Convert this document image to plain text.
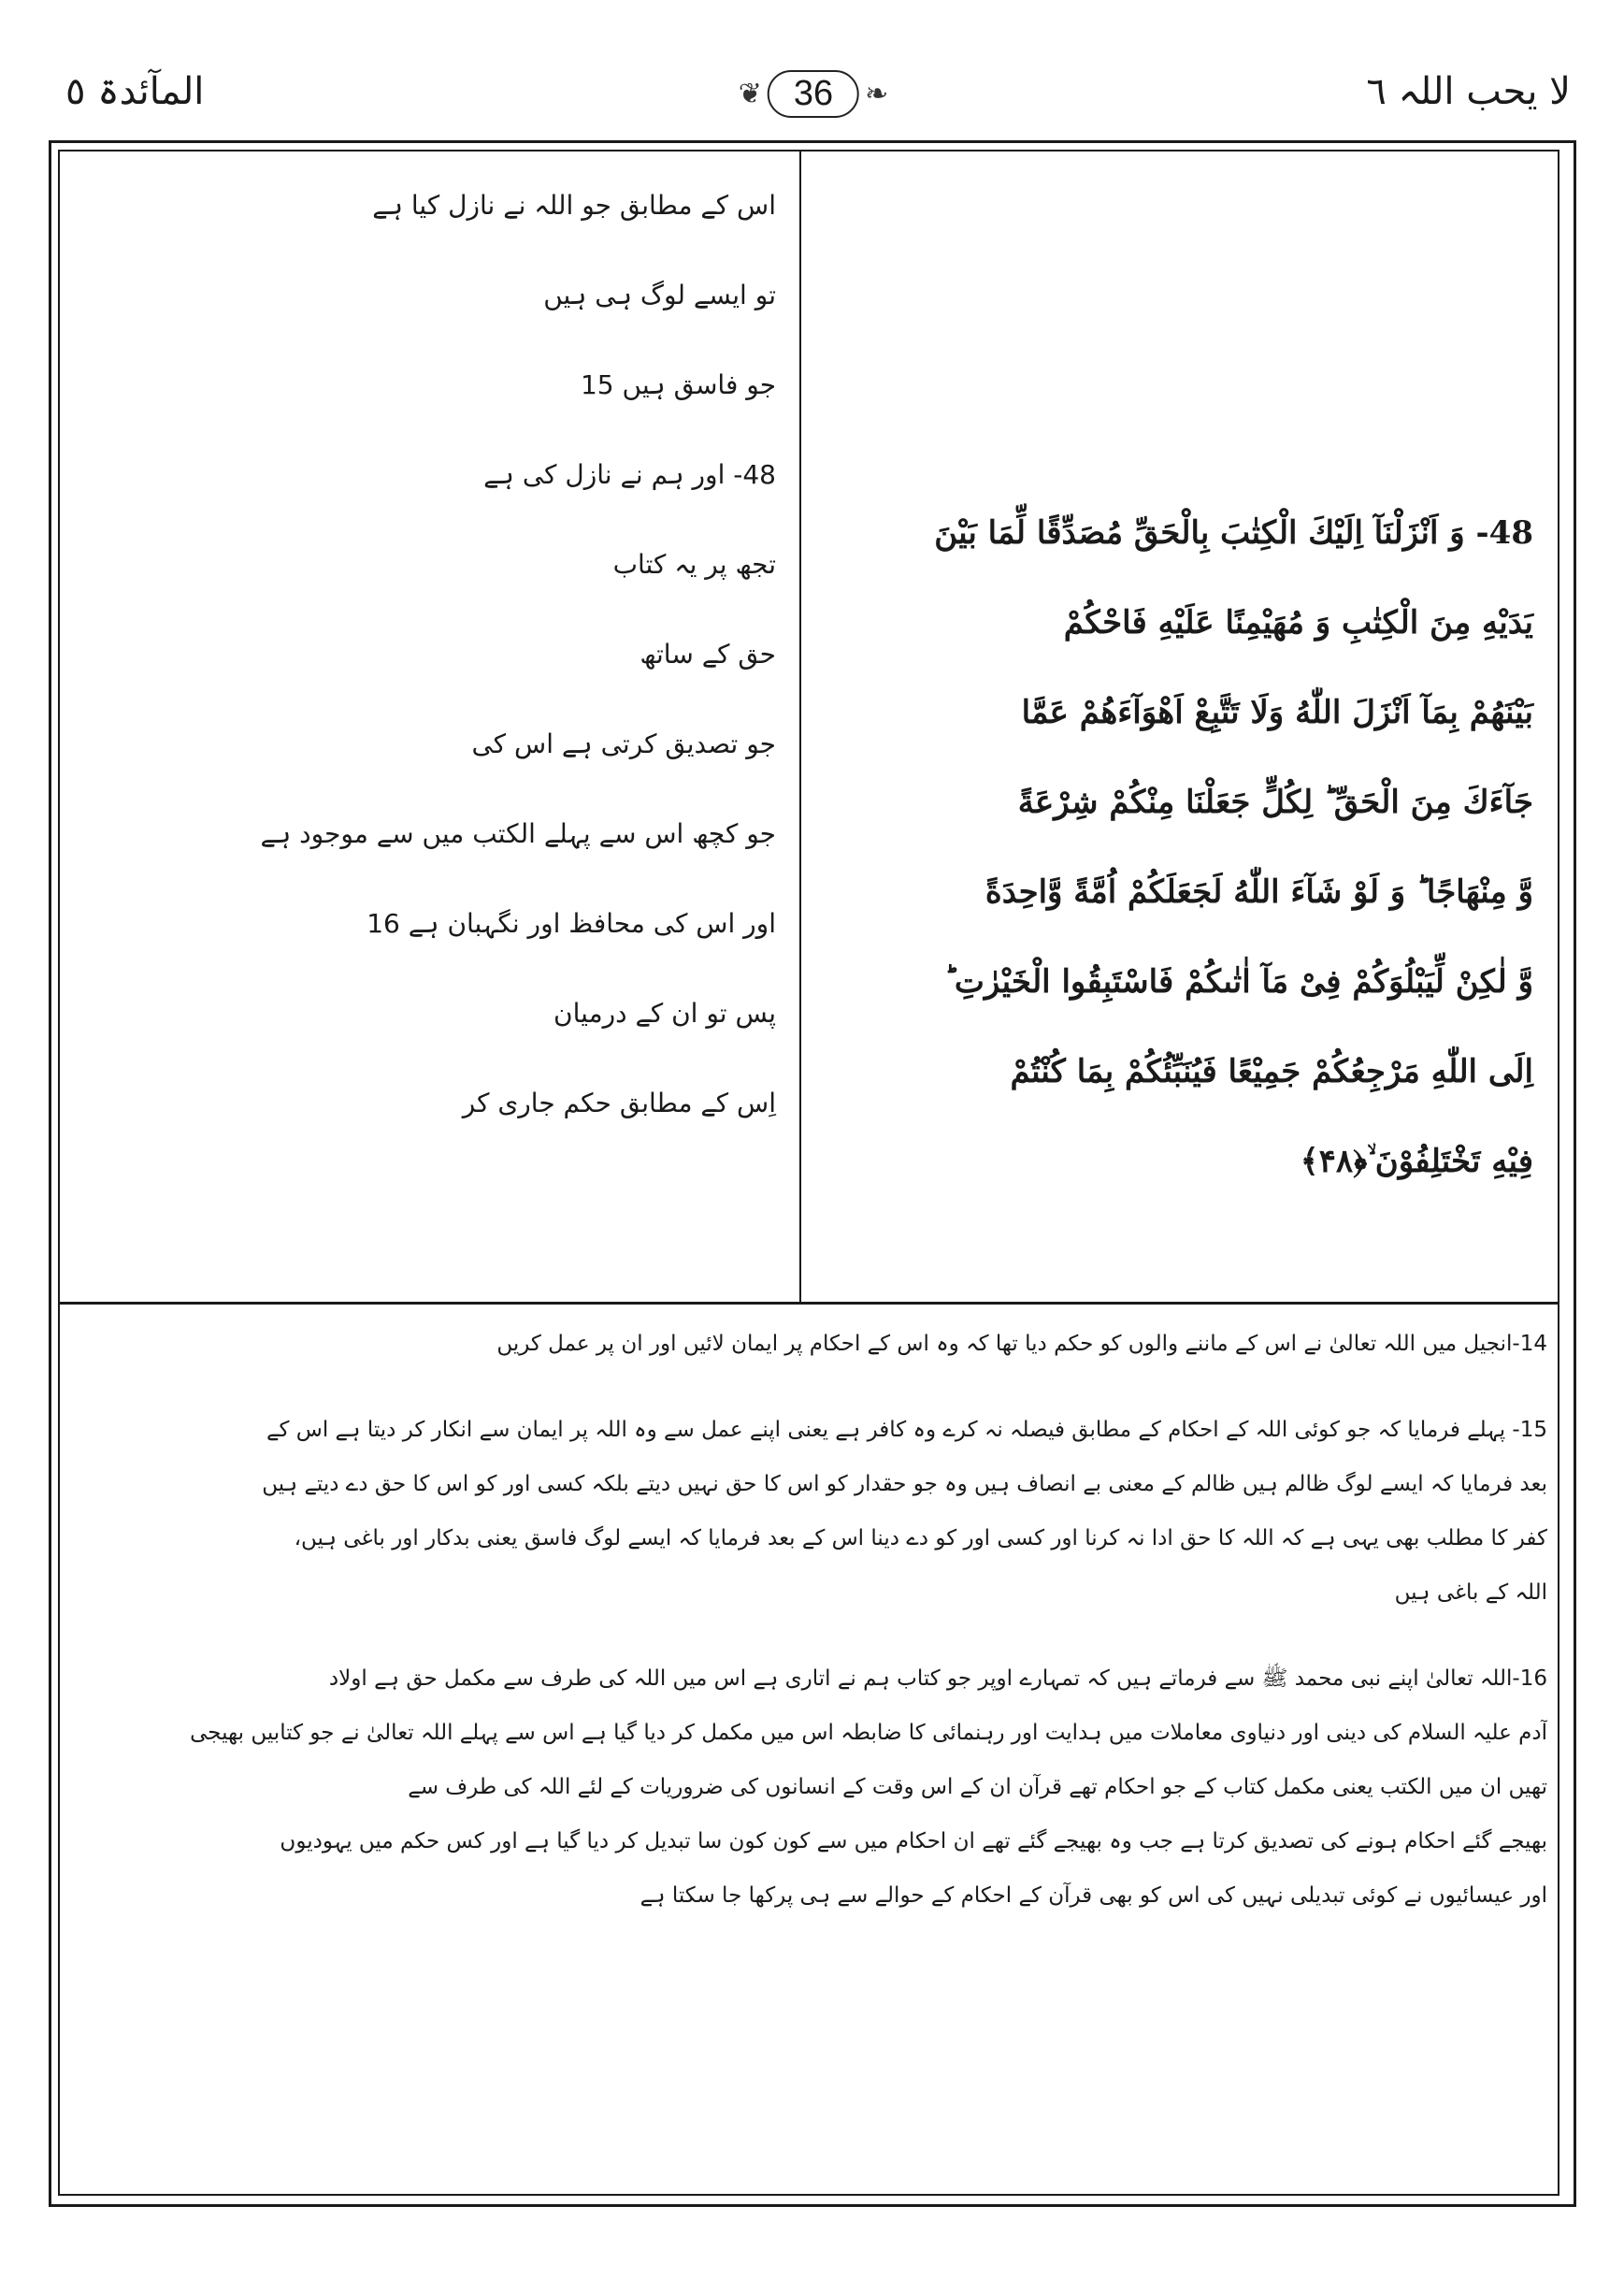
لا یحب اللہ ٦
❦ 36	❧
المآئدۃ ٥
اس کے مطابق جو اللہ نے نازل کیا ہے
تو ایسے لوگ ہی ہیں
جو فاسق ہیں 15
48- اور ہم نے نازل کی ہے
تجھ پر یہ کتاب
حق کے ساتھ
جو تصدیق کرتی ہے اس کی
جو کچھ اس سے پہلے الکتب میں سے موجود ہے
اور اس کی محافظ اور نگہبان ہے 16
پس تو ان کے درمیان
اِس کے مطابق حکم جاری کر
48- وَ اَنْزَلْنَآ اِلَیْكَ الْكِتٰبَ بِالْحَقِّ مُصَدِّقًا لِّمَا بَیْنَ
یَدَیْهِ مِنَ الْكِتٰبِ وَ مُهَیْمِنًا عَلَیْهِ فَاحْكُمْ
بَیْنَهُمْ بِمَآ اَنْزَلَ اللّٰهُ وَلَا تَتَّبِعْ اَهْوَآءَهُمْ عَمَّا
جَآءَكَ مِنَ الْحَقِّ ؕ لِكُلٍّ جَعَلْنَا مِنْكُمْ شِرْعَةً
وَّ مِنْهَاجًا ؕ وَ لَوْ شَآءَ اللّٰهُ لَجَعَلَكُمْ اُمَّةً وَّاحِدَةً
وَّ لٰكِنْ لِّیَبْلُوَكُمْ فِیْ مَآ اٰتٰىكُمْ فَاسْتَبِقُوا الْخَیْرٰتِ ؕ
اِلَى اللّٰهِ مَرْجِعُكُمْ جَمِیْعًا فَیُنَبِّئُكُمْ بِمَا كُنْتُمْ
فِیْهِ تَخْتَلِفُوْنَ ۙ﴿۴۸﴾
14-انجیل میں اللہ تعالیٰ نے اس کے ماننے والوں کو حکم دیا تھا کہ وہ اس کے احکام پر ایمان لائیں اور ان پر عمل کریں
15- پہلے فرمایا کہ جو کوئی اللہ کے احکام کے مطابق فیصلہ نہ کرے وہ کافر ہے یعنی اپنے عمل سے وہ اللہ پر ایمان سے انکار کر دیتا ہے اس کے
بعد فرمایا کہ ایسے لوگ ظالم ہیں ظالم کے معنی بے انصاف ہیں وہ جو حقدار کو اس کا حق نہیں دیتے بلکہ کسی اور کو اس کا حق دے دیتے ہیں
کفر کا مطلب بھی یہی ہے کہ اللہ کا حق ادا نہ کرنا اور کسی اور کو دے دینا اس کے بعد فرمایا کہ ایسے لوگ فاسق یعنی بدکار اور باغی ہیں،
اللہ کے باغی ہیں
16-اللہ تعالیٰ اپنے نبی محمد ﷺ سے فرماتے ہیں کہ تمہارے اوپر جو کتاب ہم نے اتاری ہے اس میں اللہ کی طرف سے مکمل حق ہے اولاد
آدم علیہ السلام کی دینی اور دنیاوی معاملات میں ہدایت اور رہنمائی کا ضابطہ اس میں مکمل کر دیا گیا ہے اس سے پہلے اللہ تعالیٰ نے جو کتابیں بھیجی
تھیں ان میں الکتب یعنی مکمل کتاب کے جو احکام تھے قرآن ان کے اس وقت کے انسانوں کی ضروریات کے لئے اللہ کی طرف سے
بھیجے گئے احکام ہونے کی تصدیق کرتا ہے جب وہ بھیجے گئے تھے ان احکام میں سے کون کون سا تبدیل کر دیا گیا ہے اور کس حکم میں یہودیوں
اور عیسائیوں نے کوئی تبدیلی نہیں کی اس کو بھی قرآن کے احکام کے حوالے سے ہی پرکھا جا سکتا ہے
